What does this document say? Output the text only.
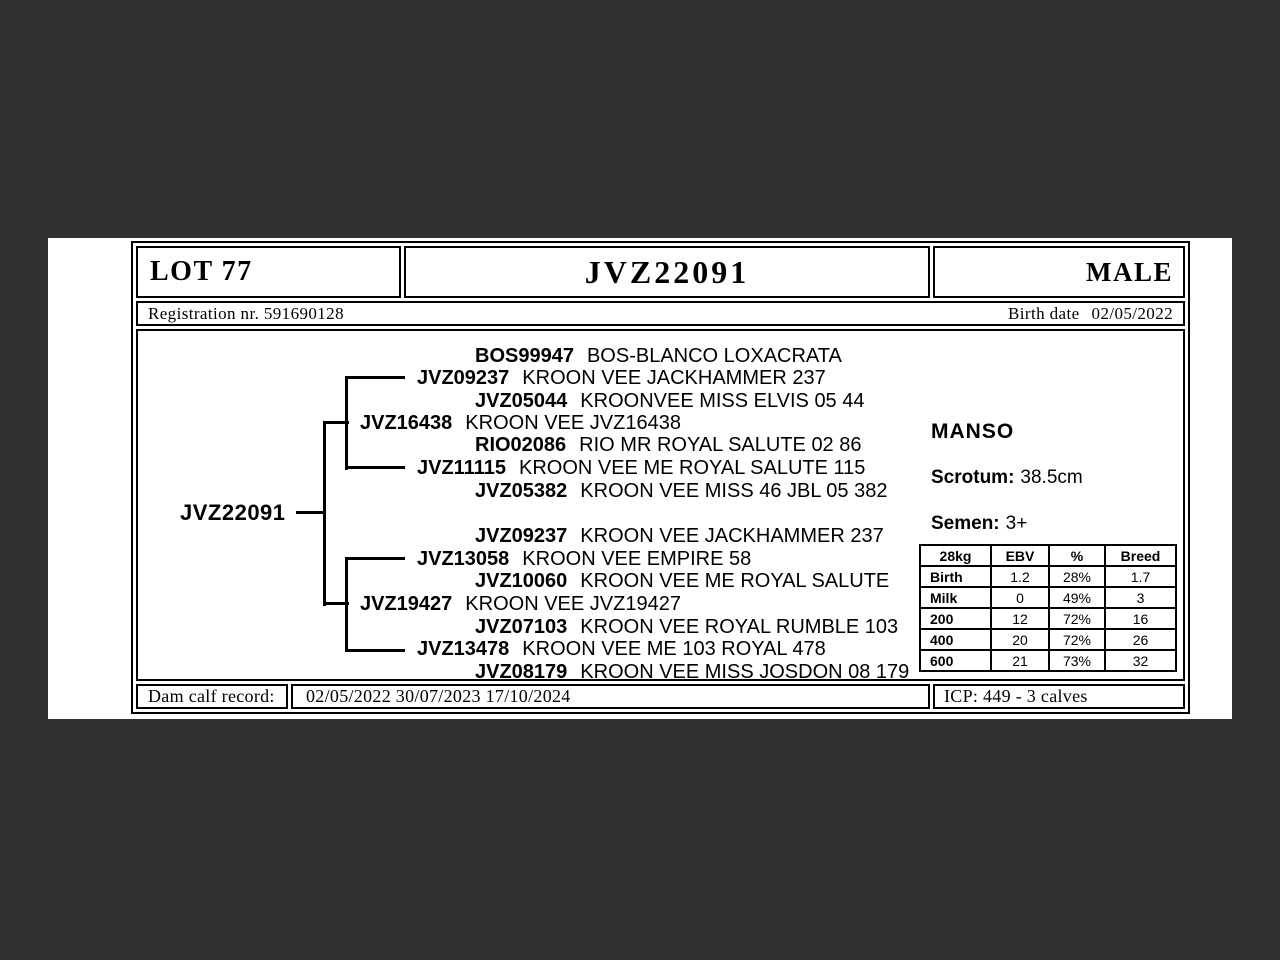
LOT 77	JVZ22091	MALE
Registration nr. 591690128	Birth date 02/05/2022
JVZ22091
BOS99947 BOS-BLANCO LOXACRATA
JVZ09237 KROON VEE JACKHAMMER 237
JVZ05044 KROONVEE MISS ELVIS 05 44
JVZ16438 KROON VEE JVZ16438
RIO02086 RIO MR ROYAL SALUTE 02 86
JVZ11115 KROON VEE ME ROYAL SALUTE 115
JVZ05382 KROON VEE MISS 46 JBL 05 382
JVZ09237 KROON VEE JACKHAMMER 237
JVZ13058 KROON VEE EMPIRE 58
JVZ10060 KROON VEE ME ROYAL SALUTE
JVZ19427 KROON VEE JVZ19427
JVZ07103 KROON VEE ROYAL RUMBLE 103
JVZ13478 KROON VEE ME 103 ROYAL 478
JVZ08179 KROON VEE MISS JOSDON 08 179
MANSO
Scrotum: 38.5cm
Semen: 3+
28kg	EBV	%	Breed
Birth	1.2	28%	1.7
Milk	0	49%	3
200	12	72%	16
400	20	72%	26
600	21	73%	32
Dam calf record:	02/05/2022 30/07/2023 17/10/2024	ICP: 449 - 3 calves
